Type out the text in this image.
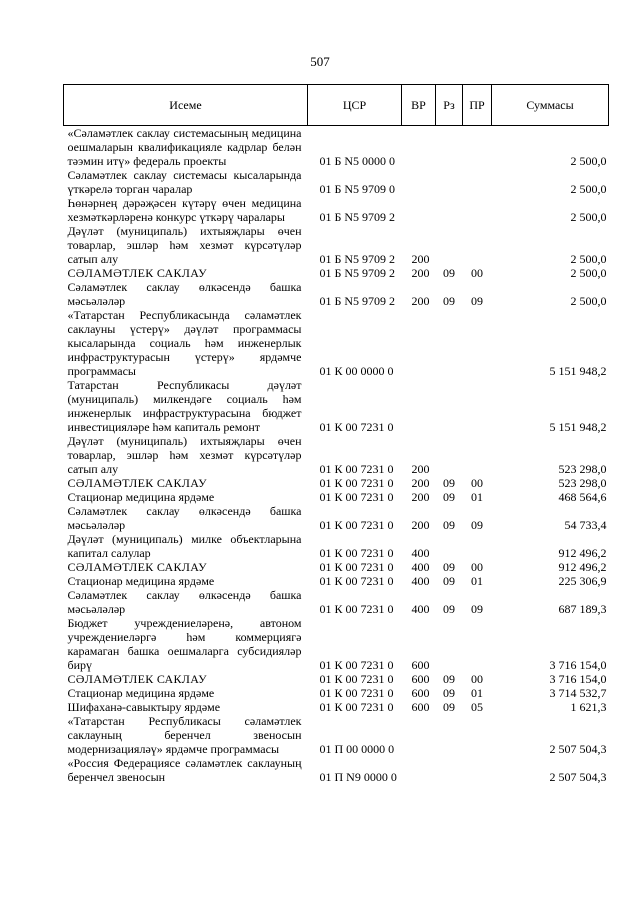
507
Исеме	ЦСР	ВР	Рз	ПР	Суммасы
«Сәламәтлек саклау системасының медицина оешмаларын квалификацияле кадрлар белән тәэмин итү» федераль проекты	01 Б N5 0000 0				2 500,0
Сәламәтлек саклау системасы кысаларында үткәрелә торган чаралар	01 Б N5 9709 0				2 500,0
Һөнәрнең дәрәҗәсен күтәрү өчен медицина хезмәткәрләренә конкурс үткәрү чаралары	01 Б N5 9709 2				2 500,0
Дәүләт (муниципаль) ихтыяҗлары өчен товарлар, эшләр һәм хезмәт күрсәтүләр сатып алу	01 Б N5 9709 2	200			2 500,0
СӘЛАМӘТЛЕК САКЛАУ	01 Б N5 9709 2	200	09	00	2 500,0
Сәламәтлек саклау өлкәсендә башка мәсьәләләр	01 Б N5 9709 2	200	09	09	2 500,0
«Татарстан Республикасында сәламәтлек саклауны үстерү» дәүләт программасы кысаларында социаль һәм инженерлык инфраструктурасын үстерү» ярдәмче программасы	01 К 00 0000 0				5 151 948,2
Татарстан Республикасы дәүләт (муниципаль) милкендәге социаль һәм инженерлык инфраструктурасына бюджет инвестицияләре һәм капиталь ремонт	01 К 00 7231 0				5 151 948,2
Дәүләт (муниципаль) ихтыяҗлары өчен товарлар, эшләр һәм хезмәт күрсәтүләр сатып алу	01 К 00 7231 0	200			523 298,0
СӘЛАМӘТЛЕК САКЛАУ	01 К 00 7231 0	200	09	00	523 298,0
Стационар медицина ярдәме	01 К 00 7231 0	200	09	01	468 564,6
Сәламәтлек саклау өлкәсендә башка мәсьәләләр	01 К 00 7231 0	200	09	09	54 733,4
Дәүләт (муниципаль) милке объектларына капитал салулар	01 К 00 7231 0	400			912 496,2
СӘЛАМӘТЛЕК САКЛАУ	01 К 00 7231 0	400	09	00	912 496,2
Стационар медицина ярдәме	01 К 00 7231 0	400	09	01	225 306,9
Сәламәтлек саклау өлкәсендә башка мәсьәләләр	01 К 00 7231 0	400	09	09	687 189,3
Бюджет учреждениеләренә, автоном учреждениеләргә һәм коммерциягә карамаган башка оешмаларга субсидияләр бирү	01 К 00 7231 0	600			3 716 154,0
СӘЛАМӘТЛЕК САКЛАУ	01 К 00 7231 0	600	09	00	3 716 154,0
Стационар медицина ярдәме	01 К 00 7231 0	600	09	01	3 714 532,7
Шифаханә-савыктыру ярдәме	01 К 00 7231 0	600	09	05	1 621,3
«Татарстан Республикасы сәламәтлек саклауның беренчел звеносын модернизацияләү» ярдәмче программасы	01 П 00 0000 0				2 507 504,3
«Россия Федерациясе сәламәтлек саклауның беренчел звеносын	01 П N9 0000 0				2 507 504,3
